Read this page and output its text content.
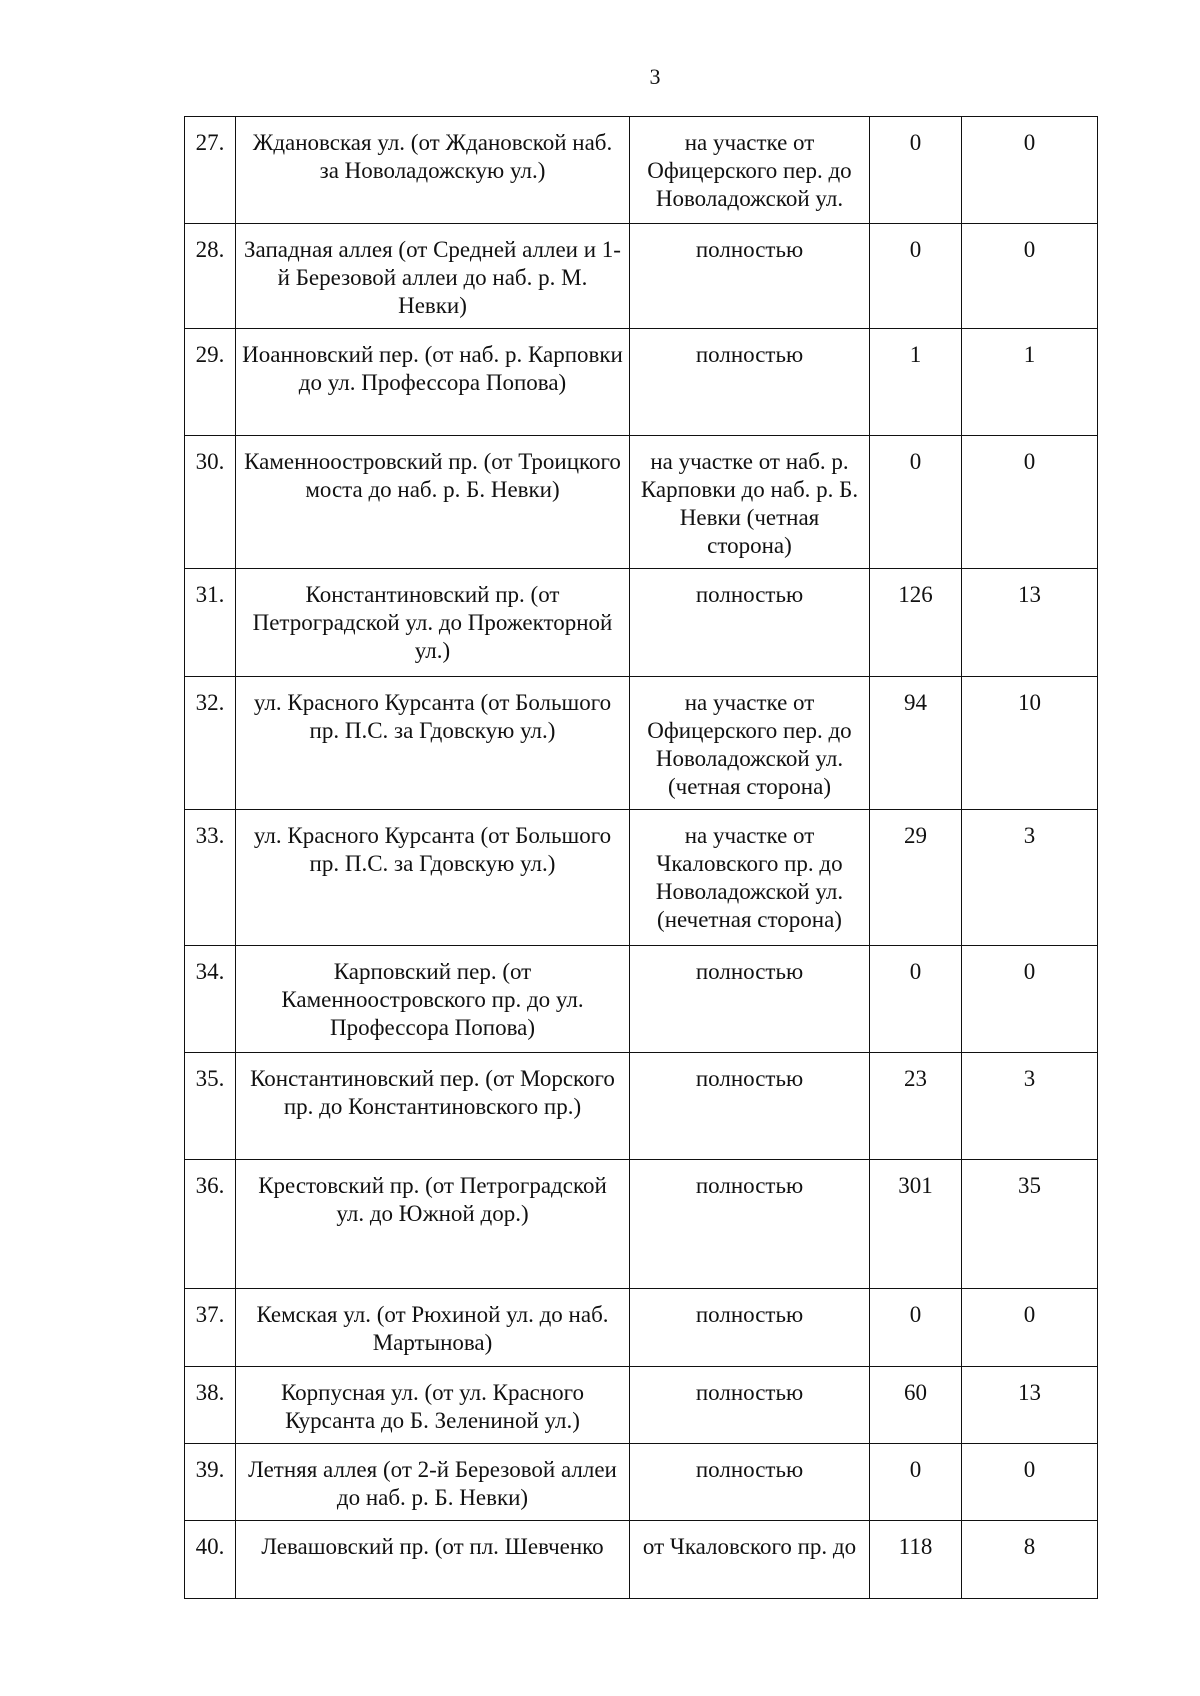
3
27.	Ждановская ул. (от Ждановской наб. за Новоладожскую ул.)	на участке от Офицерского пер. до Новоладожской ул.	0	0
28.	Западная аллея (от Средней аллеи и 1-й Березовой аллеи до наб. р. М. Невки)	полностью	0	0
29.	Иоанновский пер. (от наб. р. Карповки до ул. Профессора Попова)	полностью	1	1
30.	Каменноостровский пр. (от Троицкого моста до наб. р. Б. Невки)	на участке от наб. р. Карповки до наб. р. Б. Невки (четная сторона)	0	0
31.	Константиновский пр. (от Петроградской ул. до Прожекторной ул.)	полностью	126	13
32.	ул. Красного Курсанта (от Большого пр. П.С. за Гдовскую ул.)	на участке от Офицерского пер. до Новоладожской ул. (четная сторона)	94	10
33.	ул. Красного Курсанта (от Большого пр. П.С. за Гдовскую ул.)	на участке от Чкаловского пр. до Новоладожской ул. (нечетная сторона)	29	3
34.	Карповский пер. (от Каменноостровского пр. до ул. Профессора Попова)	полностью	0	0
35.	Константиновский пер. (от Морского пр. до Константиновского пр.)	полностью	23	3
36.	Крестовский пр. (от Петроградской ул. до Южной дор.)	полностью	301	35
37.	Кемская ул. (от Рюхиной ул. до наб. Мартынова)	полностью	0	0
38.	Корпусная ул. (от ул. Красного Курсанта до Б. Зелениной ул.)	полностью	60	13
39.	Летняя аллея (от 2-й Березовой аллеи до наб. р. Б. Невки)	полностью	0	0
40.	Левашовский пр. (от пл. Шевченко	от Чкаловского пр. до	118	8
